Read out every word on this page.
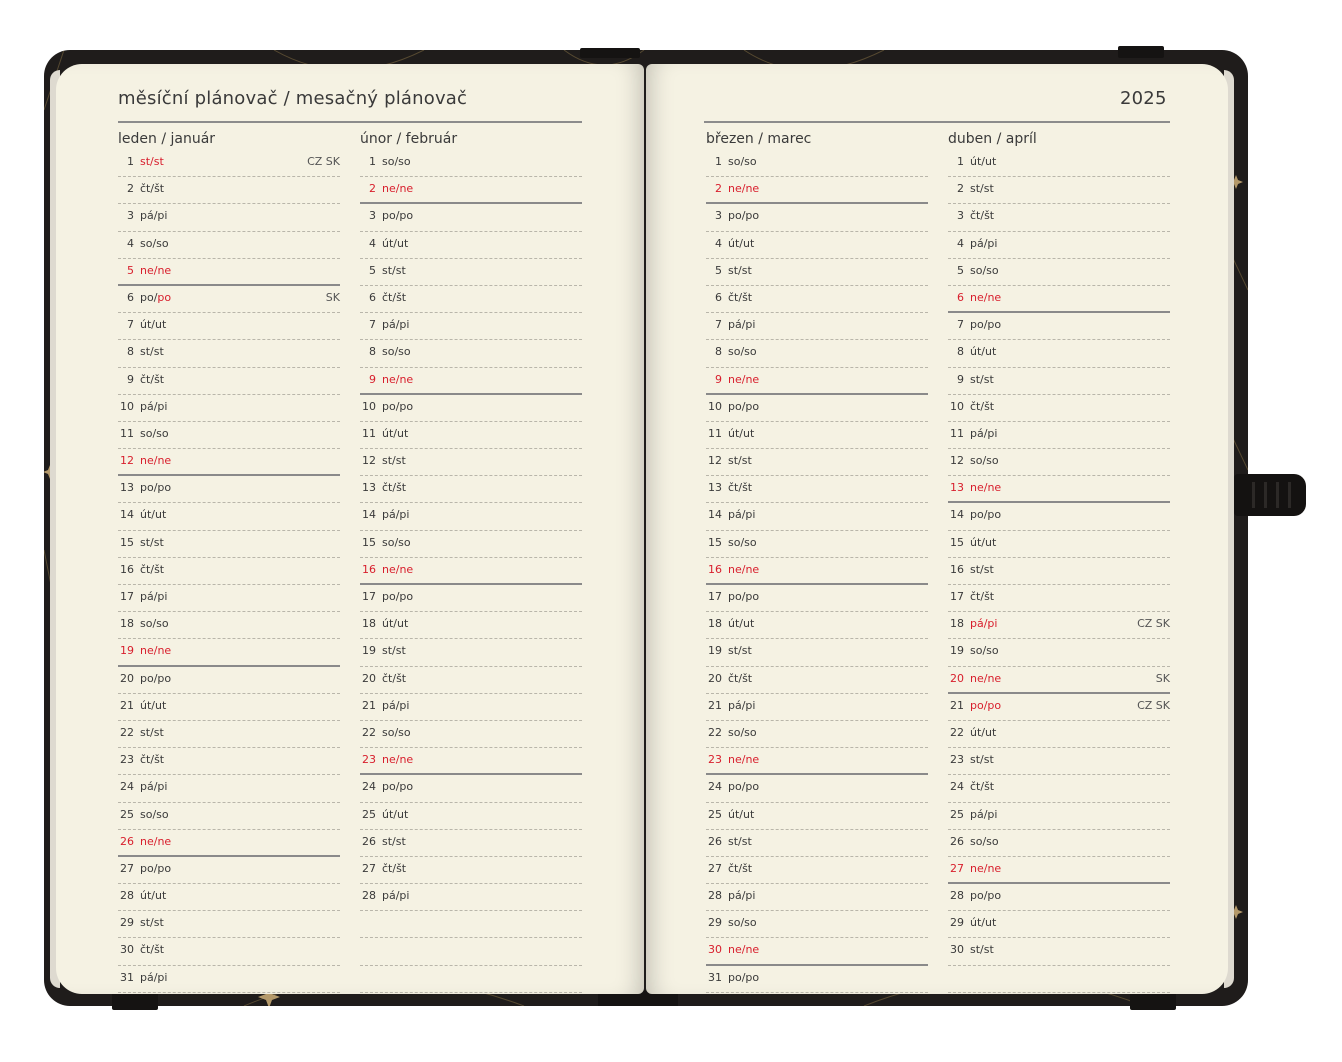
měsíční plánovač / mesačný plánovač	2025
leden / január
1 st/st	CZ SK
2 čt/št
3 pá/pi
4 so/so
5 ne/ne
6 po/po	SK
7 út/ut
8 st/st
9 čt/št
10 pá/pi
11 so/so
12 ne/ne
13 po/po
14 út/ut
15 st/st
16 čt/št
17 pá/pi
18 so/so
19 ne/ne
20 po/po
21 út/ut
22 st/st
23 čt/št
24 pá/pi
25 so/so
26 ne/ne
27 po/po
28 út/ut
29 st/st
30 čt/št
31 pá/pi
únor / február
1 so/so
2 ne/ne
3 po/po
4 út/ut
5 st/st
6 čt/št
7 pá/pi
8 so/so
9 ne/ne
10 po/po
11 út/ut
12 st/st
13 čt/št
14 pá/pi
15 so/so
16 ne/ne
17 po/po
18 út/ut
19 st/st
20 čt/št
21 pá/pi
22 so/so
23 ne/ne
24 po/po
25 út/ut
26 st/st
27 čt/št
28 pá/pi
březen / marec
1 so/so
2 ne/ne
3 po/po
4 út/ut
5 st/st
6 čt/št
7 pá/pi
8 so/so
9 ne/ne
10 po/po
11 út/ut
12 st/st
13 čt/št
14 pá/pi
15 so/so
16 ne/ne
17 po/po
18 út/ut
19 st/st
20 čt/št
21 pá/pi
22 so/so
23 ne/ne
24 po/po
25 út/ut
26 st/st
27 čt/št
28 pá/pi
29 so/so
30 ne/ne
31 po/po
duben / apríl
1 út/ut
2 st/st
3 čt/št
4 pá/pi
5 so/so
6 ne/ne
7 po/po
8 út/ut
9 st/st
10 čt/št
11 pá/pi
12 so/so
13 ne/ne
14 po/po
15 út/ut
16 st/st
17 čt/št
18 pá/pi	CZ SK
19 so/so
20 ne/ne	SK
21 po/po	CZ SK
22 út/ut
23 st/st
24 čt/št
25 pá/pi
26 so/so
27 ne/ne
28 po/po
29 út/ut
30 st/st
